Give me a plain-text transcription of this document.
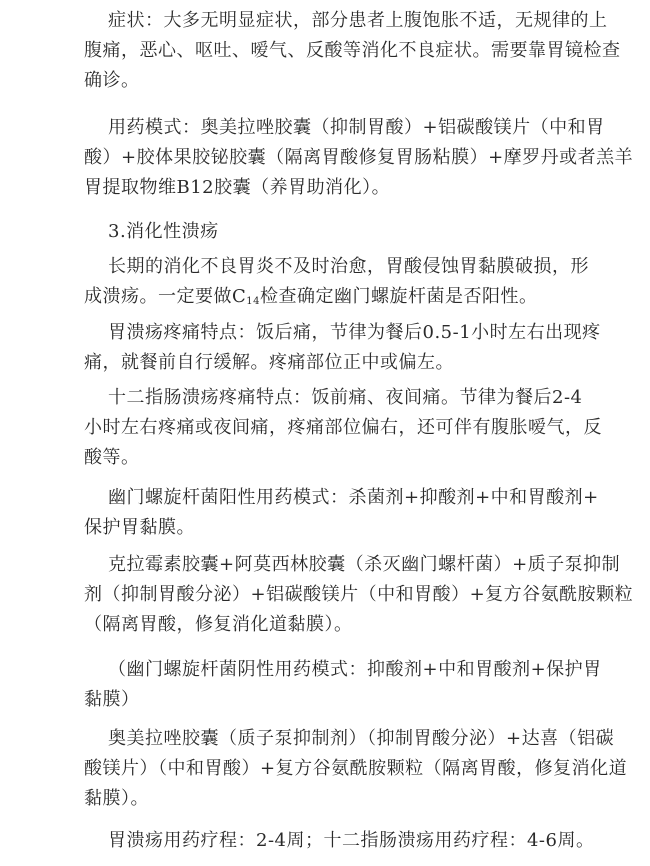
症状：大多无明显症状，部分患者上腹饱胀不适，无规律的上
腹痛，恶心、呕吐、嗳气、反酸等消化不良症状。需要靠胃镜检查
确诊。

用药模式：奥美拉唑胶囊（抑制胃酸）+铝碳酸镁片（中和胃
酸）+胶体果胶铋胶囊（隔离胃酸修复胃肠粘膜）+摩罗丹或者羔羊
胃提取物维B12胶囊（养胃助消化）。

3.消化性溃疡

长期的消化不良胃炎不及时治愈，胃酸侵蚀胃黏膜破损，形
成溃疡。一定要做$C_{14}$检查确定幽门螺旋杆菌是否阳性。

胃溃疡疼痛特点：饭后痛，节律为餐后0.5-1小时左右出现疼
痛，就餐前自行缓解。疼痛部位正中或偏左。

十二指肠溃疡疼痛特点：饭前痛、夜间痛。节律为餐后2-4
小时左右疼痛或夜间痛，疼痛部位偏右，还可伴有腹胀嗳气，反
酸等。

幽门螺旋杆菌阳性用药模式：杀菌剂+抑酸剂+中和胃酸剂+
保护胃黏膜。

克拉霉素胶囊+阿莫西林胶囊（杀灭幽门螺杆菌）+质子泵抑制
剂（抑制胃酸分泌）+铝碳酸镁片（中和胃酸）+复方谷氨酰胺颗粒
（隔离胃酸，修复消化道黏膜）。

（幽门螺旋杆菌阴性用药模式：抑酸剂+中和胃酸剂+保护胃
黏膜）

奥美拉唑胶囊（质子泵抑制剂）（抑制胃酸分泌）+达喜（铝碳
酸镁片）（中和胃酸）+复方谷氨酰胺颗粒（隔离胃酸，修复消化道
黏膜）。

胃溃疡用药疗程：2-4周；十二指肠溃疡用药疗程：4-6周。
